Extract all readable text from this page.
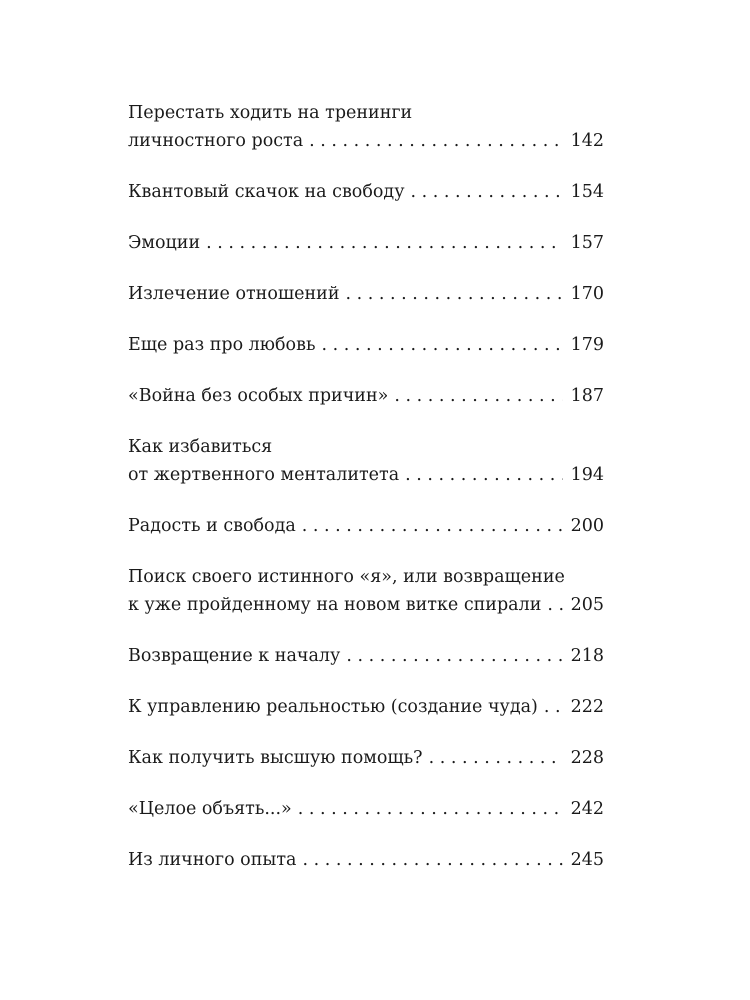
Перестать ходить на тренинги
личностного роста . . .	142
Квантовый скачок на свободу . . .	154
Эмоции . . .	157
Излечение отношений . . .	170
Еще раз про любовь . . .	179
«Война без особых причин» . . .	187
Как избавиться
от жертвенного менталитета . . .	194
Радость и свобода . . .	200
Поиск своего истинного «я», или возвращение
к уже пройденному на новом витке спирали . . . 205
Возвращение к началу . . .	218
К управлению реальностью (создание чуда) . . . 222
Как получить высшую помощь? . . .	228
«Целое объять...» . . .	242
Из личного опыта . . .	245
